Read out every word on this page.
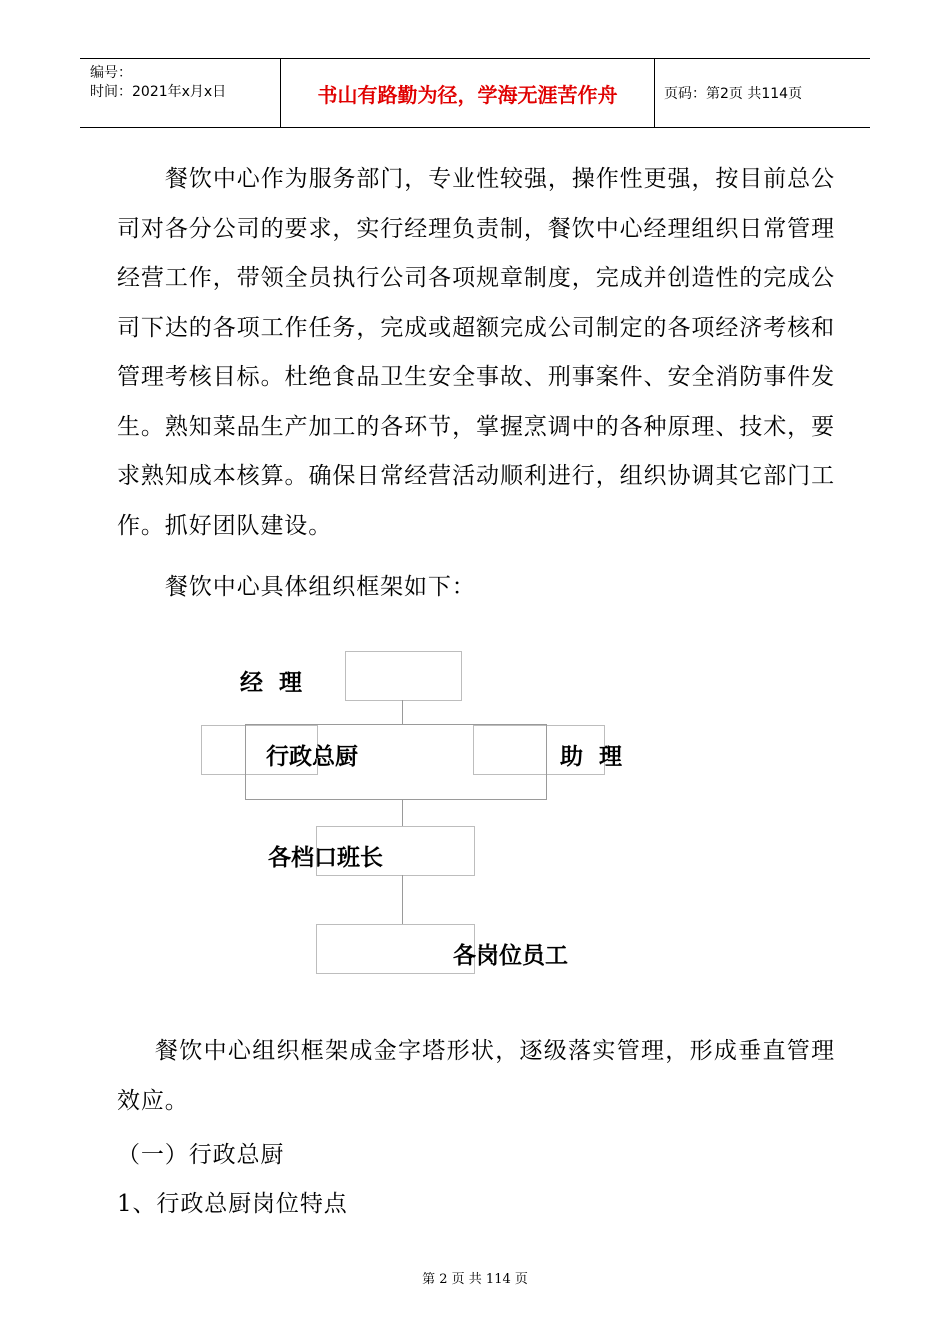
编号：
时间：2021年x月x日	书山有路勤为径，学海无涯苦作舟	页码：第2页 共114页

餐饮中心作为服务部门，专业性较强，操作性更强，按目前总公司对各分公司的要求，实行经理负责制，餐饮中心经理组织日常管理经营工作，带领全员执行公司各项规章制度，完成并创造性的完成公司下达的各项工作任务，完成或超额完成公司制定的各项经济考核和管理考核目标。杜绝食品卫生安全事故、刑事案件、安全消防事件发生。熟知菜品生产加工的各环节，掌握烹调中的各种原理、技术，要求熟知成本核算。确保日常经营活动顺利进行，组织协调其它部门工作。抓好团队建设。

餐饮中心具体组织框架如下：

经  理
行政总厨	助  理
各档口班长
各岗位员工

餐饮中心组织框架成金字塔形状，逐级落实管理，形成垂直管理效应。

（一）行政总厨

1、行政总厨岗位特点

第 2 页 共 114 页
